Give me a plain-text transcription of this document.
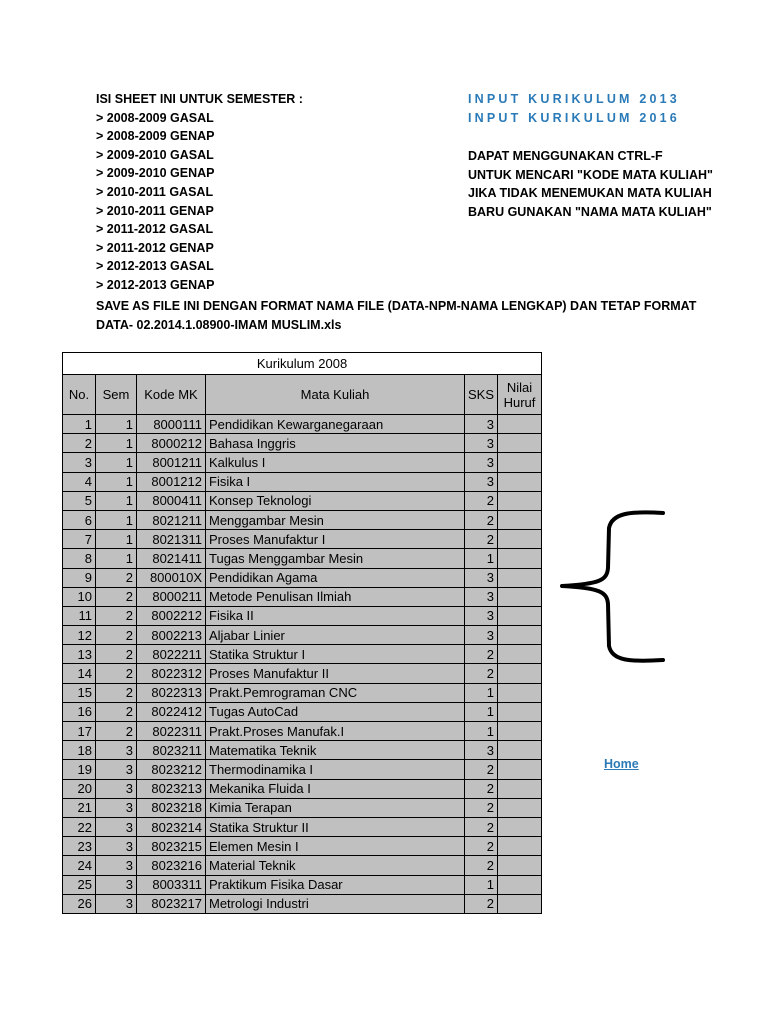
ISI SHEET INI UNTUK SEMESTER :
> 2008-2009 GASAL
> 2008-2009 GENAP
> 2009-2010 GASAL
> 2009-2010 GENAP
> 2010-2011 GASAL
> 2010-2011 GENAP
> 2011-2012 GASAL
> 2011-2012 GENAP
> 2012-2013 GASAL
> 2012-2013 GENAP
SAVE AS FILE INI DENGAN FORMAT NAMA FILE (DATA-NPM-NAMA LENGKAP) DAN TETAP FORMAT
DATA- 02.2014.1.08900-IMAM MUSLIM.xls
INPUT KURIKULUM 2013
INPUT KURIKULUM 2016
DAPAT MENGGUNAKAN CTRL-F
UNTUK MENCARI "KODE MATA KULIAH"
JIKA TIDAK MENEMUKAN MATA KULIAH
BARU GUNAKAN "NAMA MATA KULIAH"
Home
Kurikulum 2008					
No.	Sem	Kode MK	Mata Kuliah	SKS	Nilai
Huruf
1	1	8000111	Pendidikan Kewarganegaraan	3	
2	1	8000212	Bahasa Inggris	3	
3	1	8001211	Kalkulus I	3	
4	1	8001212	Fisika I	3	
5	1	8000411	Konsep Teknologi	2	
6	1	8021211	Menggambar Mesin	2	
7	1	8021311	Proses Manufaktur I	2	
8	1	8021411	Tugas Menggambar Mesin	1	
9	2	800010X	Pendidikan Agama	3	
10	2	8000211	Metode Penulisan Ilmiah	3	
11	2	8002212	Fisika II	3	
12	2	8002213	Aljabar Linier	3	
13	2	8022211	Statika Struktur I	2	
14	2	8022312	Proses Manufaktur II	2	
15	2	8022313	Prakt.Pemrograman CNC	1	
16	2	8022412	Tugas AutoCad	1	
17	2	8022311	Prakt.Proses Manufak.I	1	
18	3	8023211	Matematika Teknik	3	
19	3	8023212	Thermodinamika I	2	
20	3	8023213	Mekanika Fluida I	2	
21	3	8023218	Kimia Terapan	2	
22	3	8023214	Statika Struktur II	2	
23	3	8023215	Elemen Mesin I	2	
24	3	8023216	Material Teknik	2	
25	3	8003311	Praktikum Fisika Dasar	1	
26	3	8023217	Metrologi Industri	2	
